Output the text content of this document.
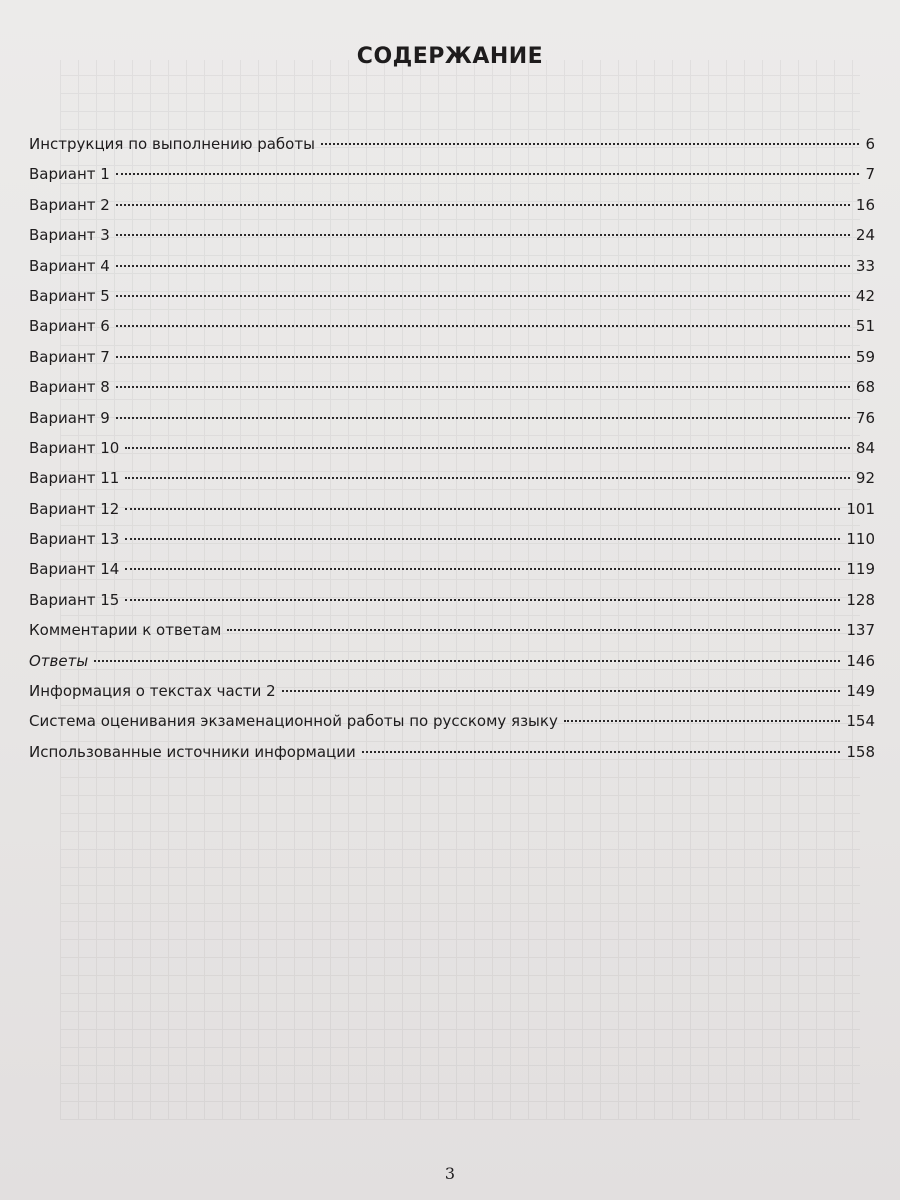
СОДЕРЖАНИЕ
Инструкция по выполнению работы	6
Вариант 1	7
Вариант 2	16
Вариант 3	24
Вариант 4	33
Вариант 5	42
Вариант 6	51
Вариант 7	59
Вариант 8	68
Вариант 9	76
Вариант 10	84
Вариант 11	92
Вариант 12	101
Вариант 13	110
Вариант 14	119
Вариант 15	128
Комментарии к ответам	137
Ответы	146
Информация о текстах части 2	149
Система оценивания экзаменационной работы по русскому языку	154
Использованные источники информации	158
3
